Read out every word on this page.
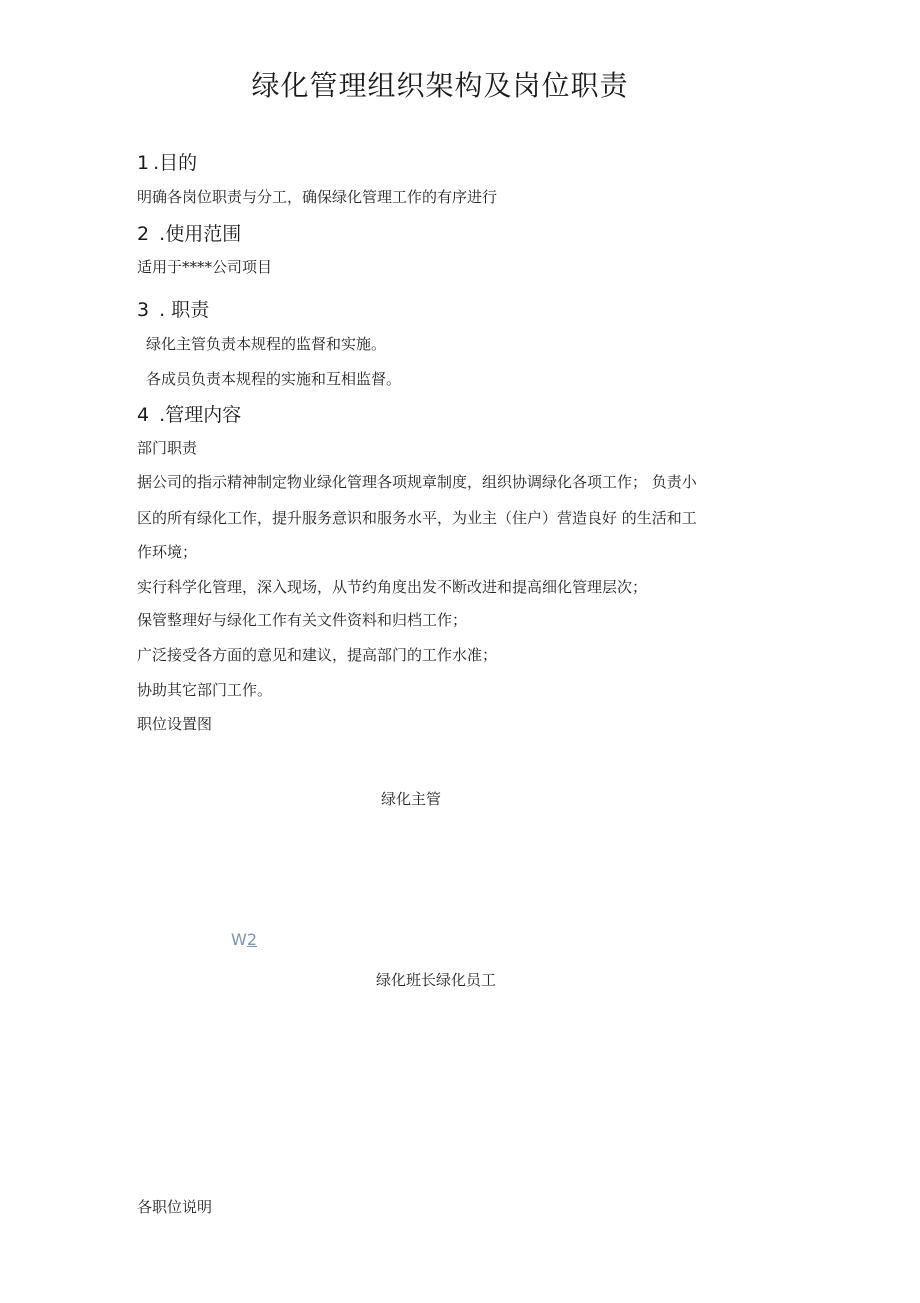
绿化管理组织架构及岗位职责
1 .目的

明确各岗位职责与分工，确保绿化管理工作的有序进行

2 .使用范围

适用于****公司项目

3 . 职责

绿化主管负责本规程的监督和实施。

各成员负责本规程的实施和互相监督。

4 .管理内容

部门职责

据公司的指示精神制定物业绿化管理各项规章制度，组织协调绿化各项工作； 负责小

区的所有绿化工作，提升服务意识和服务水平，为业主（住户）营造良好 的生活和工

作环境；

实行科学化管理，深入现场，从节约角度出发不断改进和提高细化管理层次；

保管整理好与绿化工作有关文件资料和归档工作；

广泛接受各方面的意见和建议，提高部门的工作水准；

协助其它部门工作。

职位设置图

绿化主管

W2

绿化班长绿化员工

各职位说明
